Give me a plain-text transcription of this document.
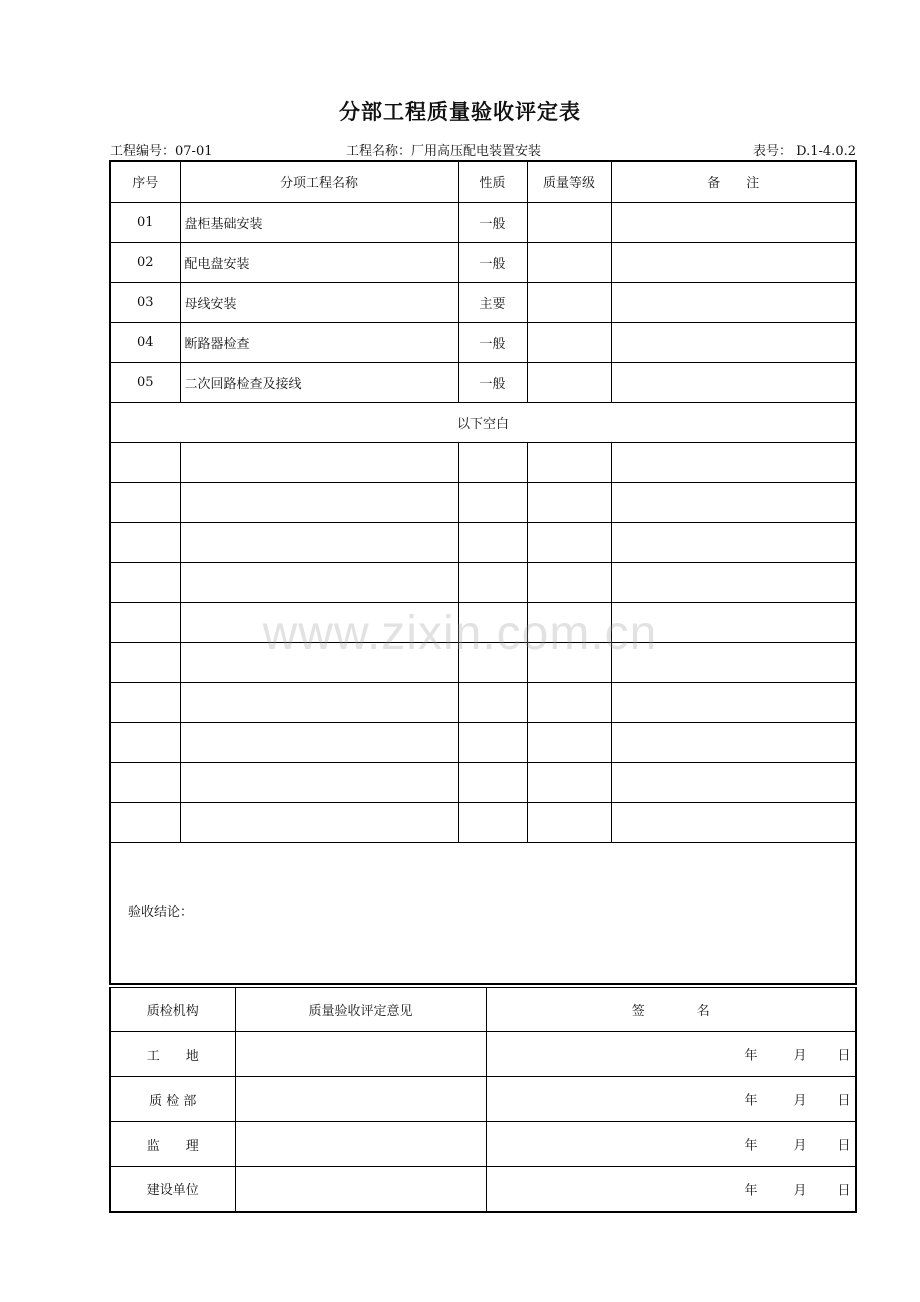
分部工程质量验收评定表
工程编号：07-01	工程名称：厂用高压配电装置安装	表号： D.1-4.0.2
序号	分项工程名称	性质	质量等级	备　　注
01	盘柜基础安装	一般		
02	配电盘安装	一般		
03	母线安装	主要		
04	断路器检查	一般		
05	二次回路检查及接线	一般		
以下空白				

验收结论：				
质检机构	质量验收评定意见	签　　　　名
工　　地		年 月 日

质 检 部		年 月 日

监　　理		年 月 日

建设单位		年 月 日
www.zixin.com.cn
